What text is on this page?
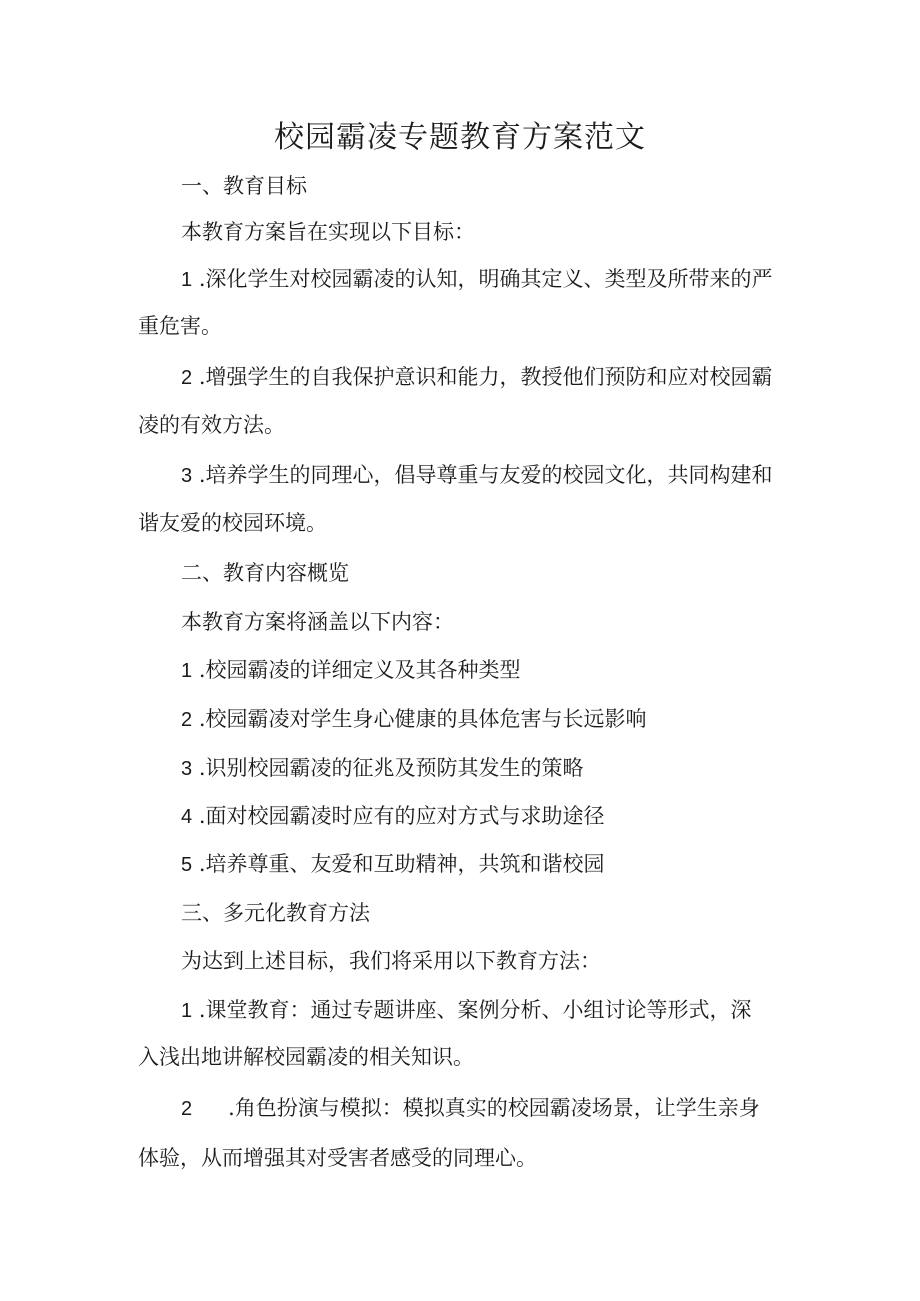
校园霸凌专题教育方案范文
一、教育目标
本教育方案旨在实现以下目标：
1 .深化学生对校园霸凌的认知，明确其定义、类型及所带来的严
重危害。
2 .增强学生的自我保护意识和能力，教授他们预防和应对校园霸
凌的有效方法。
3 .培养学生的同理心，倡导尊重与友爱的校园文化，共同构建和
谐友爱的校园环境。
二、教育内容概览
本教育方案将涵盖以下内容：
1 .校园霸凌的详细定义及其各种类型
2 .校园霸凌对学生身心健康的具体危害与长远影响
3 .识别校园霸凌的征兆及预防其发生的策略
4 .面对校园霸凌时应有的应对方式与求助途径
5 .培养尊重、友爱和互助精神，共筑和谐校园
三、多元化教育方法
为达到上述目标，我们将采用以下教育方法：
1 .课堂教育：通过专题讲座、案例分析、小组讨论等形式，深
入浅出地讲解校园霸凌的相关知识。
2 .角色扮演与模拟：模拟真实的校园霸凌场景，让学生亲身
体验，从而增强其对受害者感受的同理心。
